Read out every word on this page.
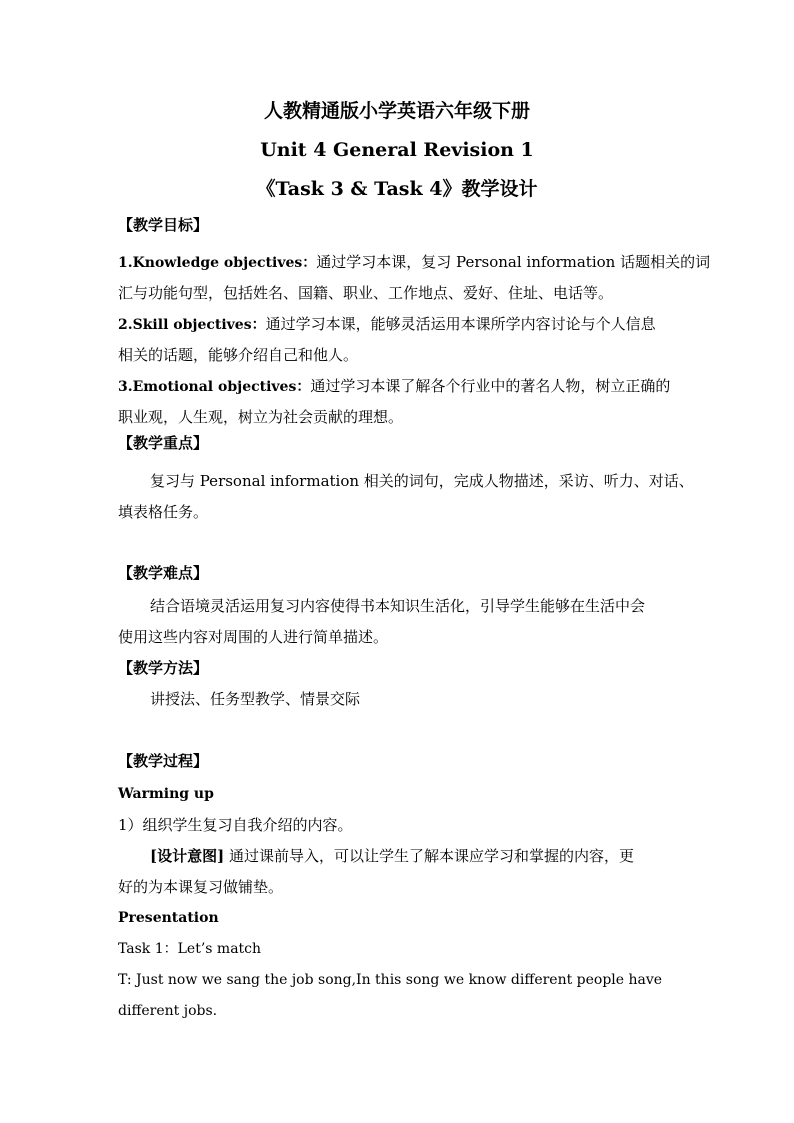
人教精通版小学英语六年级下册
Unit 4 General Revision 1
《Task 3 & Task 4》教学设计
【教学目标】
1.Knowledge objectives：通过学习本课，复习 Personal information 话题相关的词
汇与功能句型，包括姓名、国籍、职业、工作地点、爱好、住址、电话等。
2.Skill objectives：通过学习本课，能够灵活运用本课所学内容讨论与个人信息
相关的话题，能够介绍自己和他人。
3.Emotional objectives：通过学习本课了解各个行业中的著名人物，树立正确的
职业观，人生观，树立为社会贡献的理想。
【教学重点】
复习与 Personal information 相关的词句，完成人物描述，采访、听力、对话、
填表格任务。
【教学难点】
结合语境灵活运用复习内容使得书本知识生活化，引导学生能够在生活中会
使用这些内容对周围的人进行简单描述。
【教学方法】
讲授法、任务型教学、情景交际
【教学过程】
Warming up
1）组织学生复习自我介绍的内容。
[设计意图] 通过课前导入，可以让学生了解本课应学习和掌握的内容，更
好的为本课复习做铺垫。
Presentation
Task 1：Let’s match
T: Just now we sang the job song,In this song we know different people have
different jobs.
